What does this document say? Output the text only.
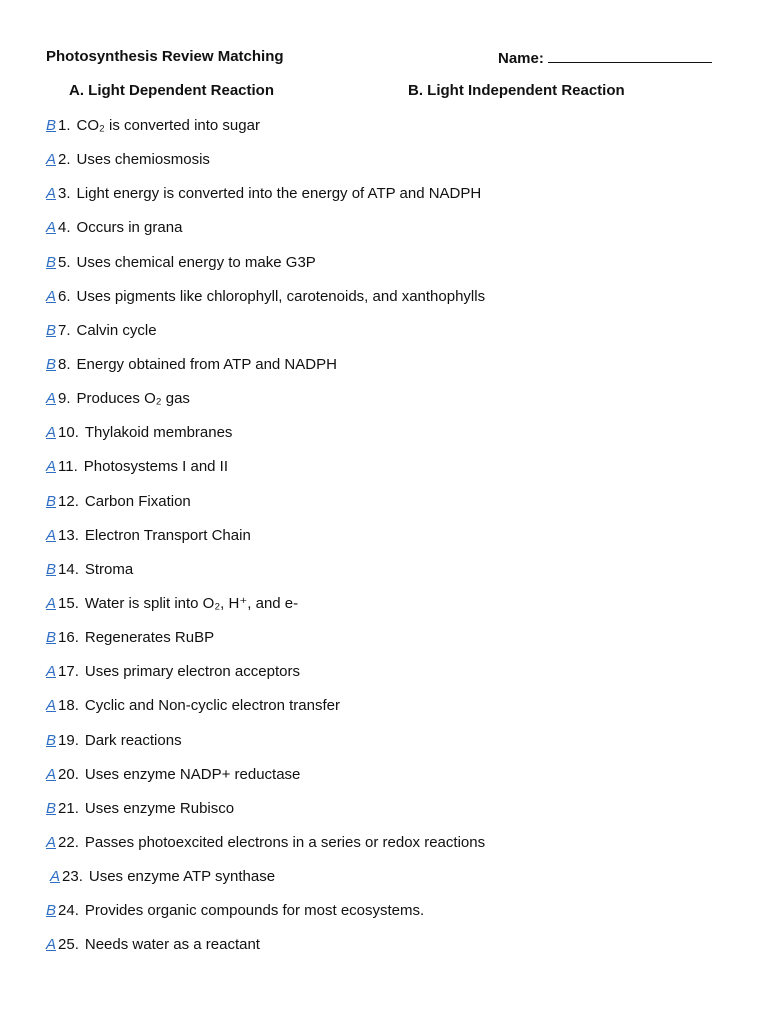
Photosynthesis Review Matching	Name:
A. Light Dependent Reaction	B. Light Independent Reaction
B 1. CO₂ is converted into sugar
A 2. Uses chemiosmosis
A 3. Light energy is converted into the energy of ATP and NADPH
A 4. Occurs in grana
B 5. Uses chemical energy to make G3P
A 6. Uses pigments like chlorophyll, carotenoids, and xanthophylls
B 7. Calvin cycle
B 8. Energy obtained from ATP and NADPH
A 9. Produces O₂ gas
A 10. Thylakoid membranes
A 11. Photosystems I and II
B 12. Carbon Fixation
A 13. Electron Transport Chain
B 14. Stroma
A 15. Water is split into O₂, H⁺, and e-
B 16. Regenerates RuBP
A 17. Uses primary electron acceptors
A 18. Cyclic and Non-cyclic electron transfer
B 19. Dark reactions
A 20. Uses enzyme NADP+ reductase
B 21. Uses enzyme Rubisco
A 22. Passes photoexcited electrons in a series or redox reactions
A 23. Uses enzyme ATP synthase
B 24. Provides organic compounds for most ecosystems.
A 25. Needs water as a reactant
